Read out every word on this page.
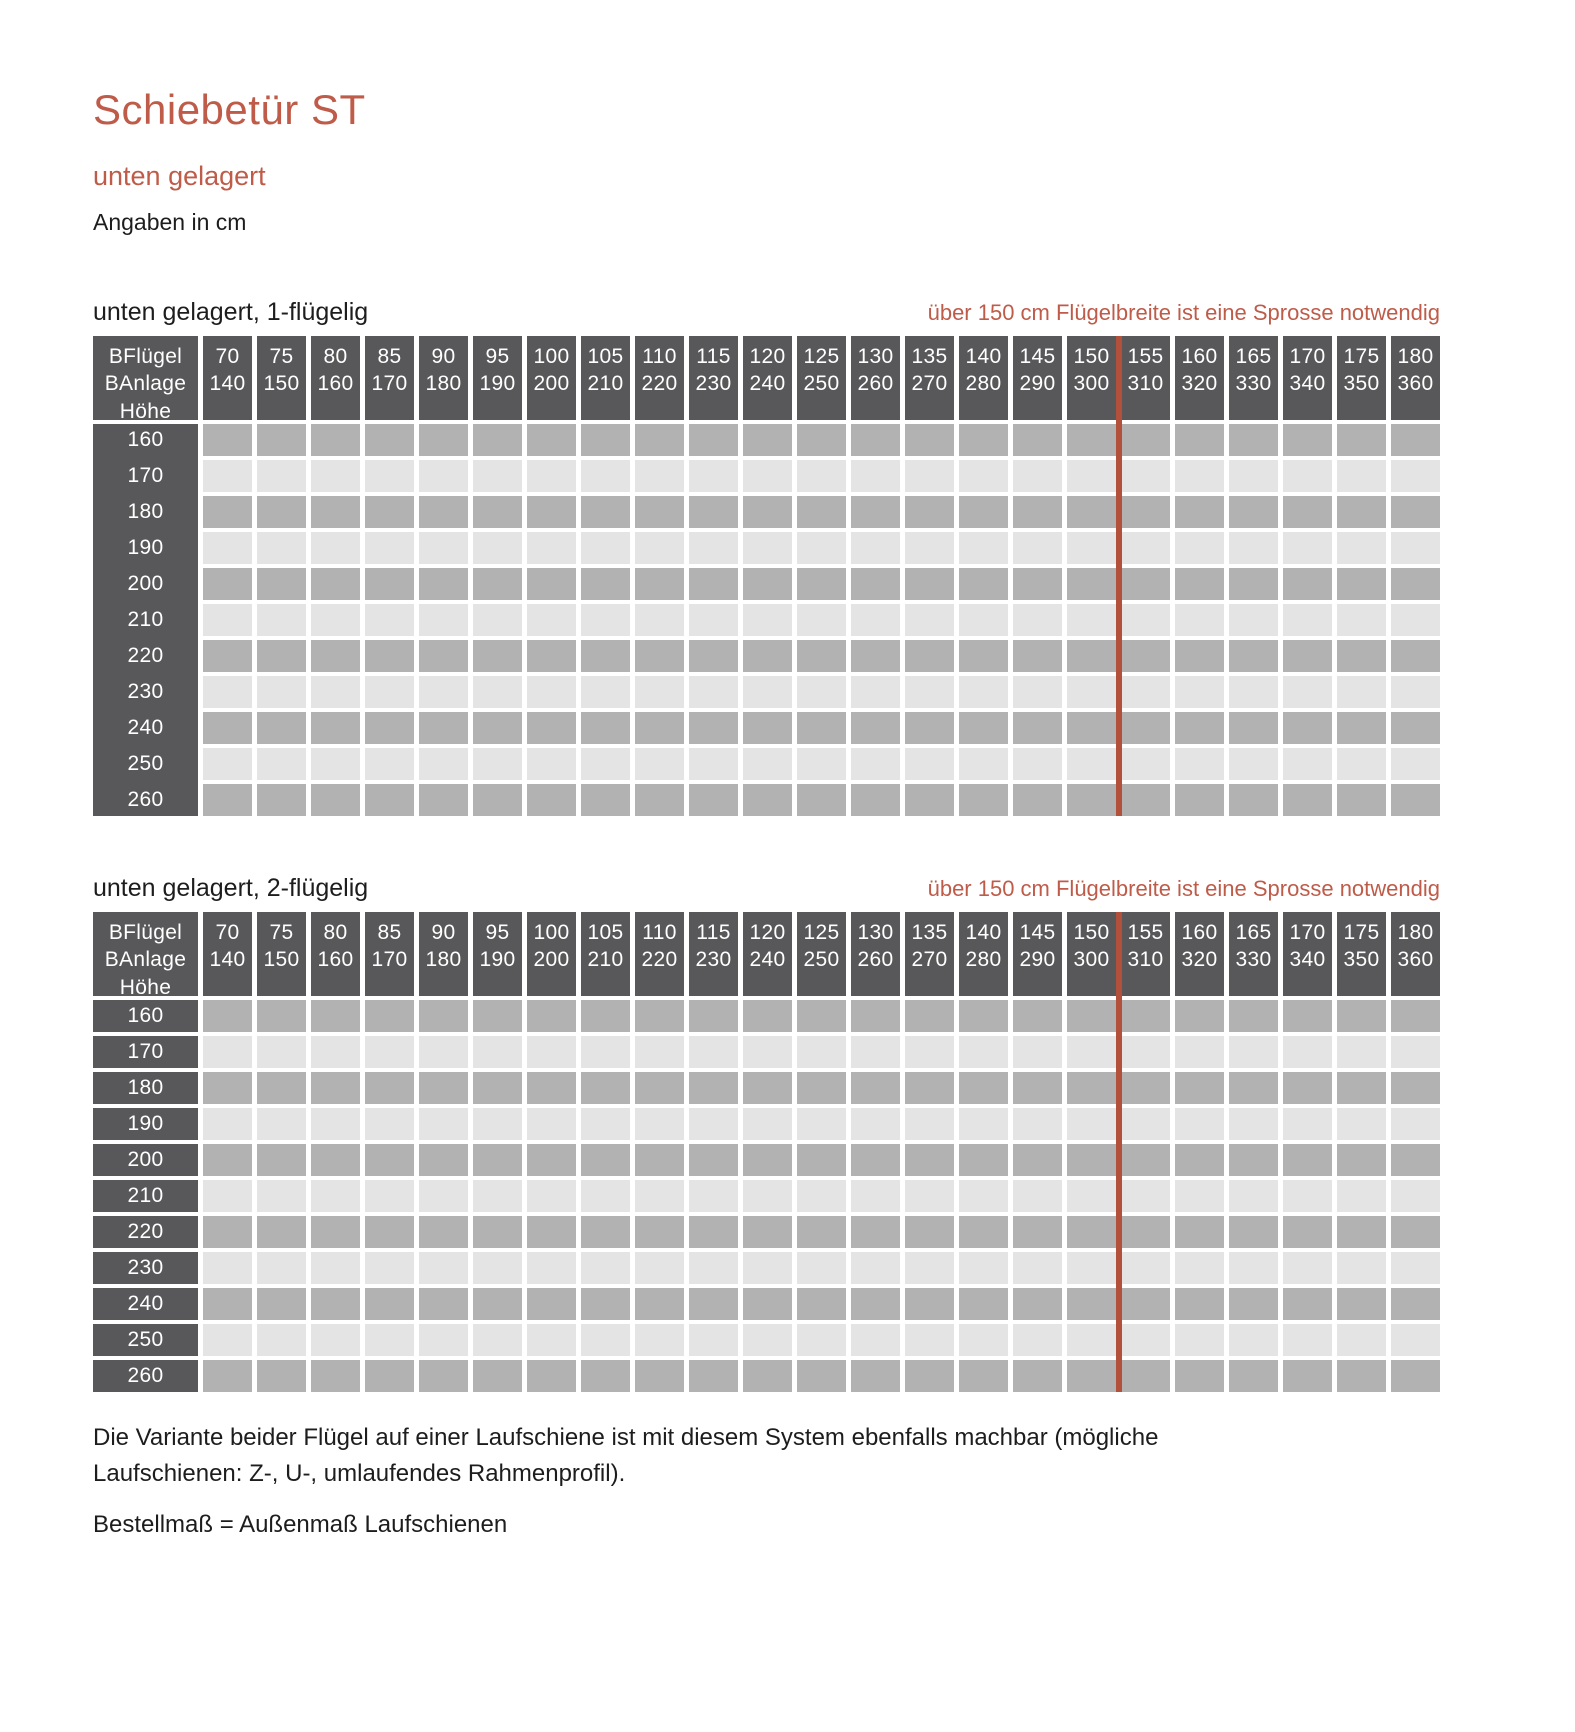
Schiebetür ST
unten gelagert

Angaben in cm

unten gelagert, 1-flügelig	über 150 cm Flügelbreite ist eine Sprosse notwendig
BFlügel
BAnlage
Höhe
70
140
75
150
80
160
85
170
90
180
95
190
100
200
105
210
110
220
115
230
120
240
125
250
130
260
135
270
140
280
145
290
150
300
155
310
160
320
165
330
170
340
175
350
180
360
160
170
180
190
200
210
220
230
240
250
260
unten gelagert, 2-flügelig	über 150 cm Flügelbreite ist eine Sprosse notwendig
BFlügel
BAnlage
Höhe
70
140
75
150
80
160
85
170
90
180
95
190
100
200
105
210
110
220
115
230
120
240
125
250
130
260
135
270
140
280
145
290
150
300
155
310
160
320
165
330
170
340
175
350
180
360
160
170
180
190
200
210
220
230
240
250
260

Die Variante beider Flügel auf einer Laufschiene ist mit diesem System ebenfalls machbar (mögliche Laufschienen: Z-, U-, umlaufendes Rahmenprofil).

Bestellmaß = Außenmaß Laufschienen
